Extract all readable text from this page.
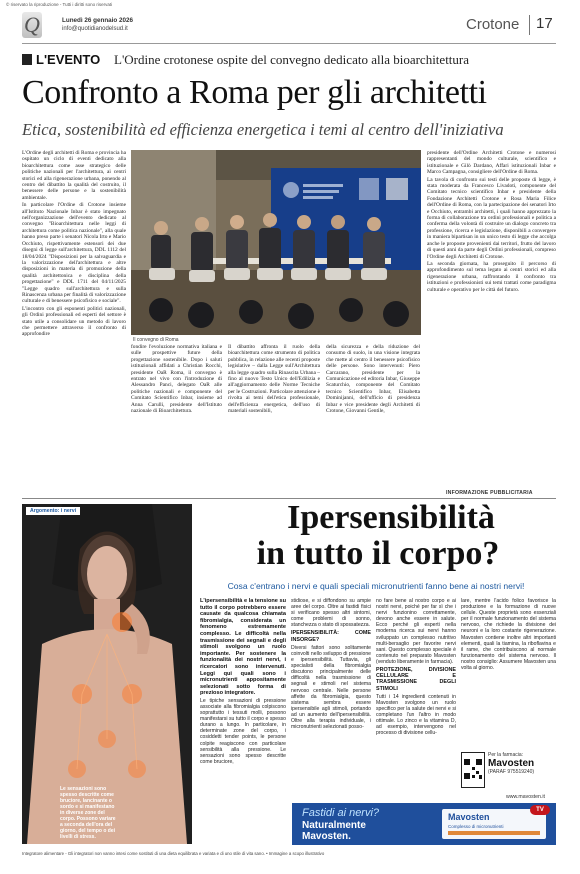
© riservato la riproduzione - Tutti i diritti sono riservati
Q	Lunedì 26 gennaio 2026
info@quotidianodelsud.it	Crotone 17
L'EVENTO L'Ordine crotonese ospite del convegno dedicato alla bioarchitettura
Confronto a Roma per gli architetti
Etica, sostenibilità ed efficienza energetica i temi al centro dell'iniziativa

L'Ordine degli architetti di Roma e provincia ha ospitato un ciclo di eventi dedicato alla bioarchitettura come asse strategico delle politiche nazionali per l'architettura, ai centri storici ed alla rigenerazione urbana, ponendo al centro del dibattito la qualità del costruito, il benessere delle persone e la sostenibilità ambientale.

In particolare l'Ordine di Crotone insieme all'Istituto Nazionale Inbar è stato impegnato nell'organizzazione dell'evento dedicato al convegno "Bioarchitettura nelle leggi di architettura come politica nazionale", alla quale hanno preso parte i senatori Nicola Irto e Mario Occhiuto, rispettivamente estensori dei due disegni di legge sull'architettura, DDL 1112 del 18/04/2024 "Disposizioni per la salvaguardia e la valorizzazione dell'architettura e altre disposizioni in materia di promozione della qualità architettonica e disciplina della progettazione" e DDL 1711 del 04/11/2025 "Legge quadro sull'architettura e sulla Rinascenza urbana per finalità di valorizzazione culturale e di benessere psicofisico e sociale".

L'incontro con gli esponenti politici nazionali, gli Ordini professionali ed esperti del settore è stato utile a consolidare un metodo di lavoro che permettere attraverso il confronto di approfondire

Il convegno di Roma

fondire l'evoluzione normativa italiana e sulle prospettive future della progettazione sostenibile. Dopo i saluti istituzionali affidati a Christian Rocchi, presidente OaR Roma, il convegno è entrato nel vivo con l'introduzione di Alessandro Panci, delegato OaR alle politiche nazionali e componente del Comitato Scientifico Inbar, insieme ad Anna Carulli, presidente dell'Istituto nazionale di Bioarchitettura.

Il dibattito affronta il ruolo della bioarchitettura come strumento di politica pubblica, in relazione alle recenti proposte legislative – dalla Legge sull'Architettura alla legge quadro sulla Rinascita Urbana – fino al nuovo Testo Unico dell'Edilizia e all'aggiornamento delle Norme Tecniche per le Costruzioni. Particolare attenzione è rivolta ai temi dell'etica professionale, dell'efficienza energetica, dell'uso di materiali sostenibili,

della sicurezza e della riduzione del consumo di suolo, in una visione integrata che mette al centro il benessere psicofisico delle persone. Sono intervenuti: Piero Carcarano, presidente per la Comunicazione ed editoria Inbar, Giuseppe Scaturchio, componente del Comitato tecnico Scientifico Inbar, Elisabetta Dominijanni, dell'ufficio di presidenza Inbar e vice presidente degli Architetti di Crotone, Giovanni Gentile,

presidente dell'Ordine Architetti Crotone e numerosi rappresentanti del mondo culturale, scientifico e istituzionale e Gilò Dardano, Affari istituzionali Inbar e Marco Campagna, consigliere dell'Ordine di Roma.

La tavola di confronto sui testi delle proposte di legge, è stata moderata da Francesco Livadoti, componente del Comitato tecnico scientifico Inbar e presidente della Fondazione Architetti Crotone e Rosa Maria Filice dell'Ordine di Roma, con la partecipazione dei senatori Irto e Occhiuto, entrambi architetti, i quali hanno apprezzato la forma di collaborazione tra ordini professionali e politica a conferma della volontà di costruire un dialogo concreto tra professione, ricerca e legislazione, disponibili a convergere in maniera bipartisan in un unico testo di legge che accolga anche le proposte provenienti dai territori, frutto del lavoro di questi anni da parte degli Ordini professionali, compreso l'Ordine degli Architetti di Crotone.

La seconda giornata, ha proseguito il percorso di approfondimento sul tema legato ai centri storici ed alla rigenerazione urbana, raffrontando il confronto tra istituzioni e professionisti sui temi trattati come paradigma culturale e operativo per le città del futuro.

INFORMAZIONE PUBBLICITARIA
Argomento: i nervi
Le sensazioni sono spesso descritte come bruciore, lancinante o sordo e si manifestano in diverse zone del corpo. Possono variare a seconda dell'ora del giorno, del tempo o dei livelli di stress.
Ipersensibilità
in tutto il corpo?
Cosa c'entrano i nervi e quali speciali micronutrienti fanno bene ai nostri nervi!

L'ipersensibilità e la tensione su tutto il corpo potrebbero essere causate da qualcosa chiamata fibromialgia, considerata un fenomeno estremamente complesso. Le difficoltà nella trasmissione dei segnali e degli stimoli svolgono un ruolo importante. Per sostenere la funzionalità dei nostri nervi, i ricercatori sono intervenuti. Leggi qui quali sono i micronutrienti appositamente selezionati sotto forma di prezioso integratore.

Le tipiche sensazioni di pressione associate alla fibromialgia colpiscono soprattutto i tessuti molli, possono manifestarsi su tutto il corpo e spesso durano a lungo. In particolare, in determinate zone del corpo, i cosiddetti tender points, le persone colpite reagiscono con particolare sensibilità alla pressione. Le sensazioni sono spesso descritte come bruciore,

stidiose, e si diffondono su ampie aree del corpo. Oltre ai fastidi fisici si verificano spesso altri sintomi, come problemi di sonno, stanchezza o stato di spossatezza.

IPERSENSIBILITÀ: COME INSORGE?

Diversi fattori sono solitamente coinvolti nello sviluppo di pressione e ipersensibilità. Tuttavia, gli specialisti della fibromialgia discutono principalmente delle difficoltà nella trasmissione di segnali e stimoli nel sistema nervoso centrale. Nelle persone affette da fibromialgia, questo sistema sembra essere ipersensibile agli stimoli, portando ad un aumento dell'ipersensibilità. Oltre alla terapia individuale, i micronutrienti selezionati posso-

no fare bene al nostro corpo e ai nostri nervi, poiché per far sì che i nervi funzionino correttamente, devono anche essere in salute. Ecco perché gli esperti nella moderna ricerca sui nervi hanno sviluppato un complesso nutritivo multi-bersaglio per favorire nervi sani. Questo complesso speciale è contenuto nel preparato Mavosten (venduto liberamente in farmacia).

PROTEZIONE, DIVISIONE CELLULARE E TRASMISSIONE DEGLI STIMOLI

Tutti i 14 ingredienti contenuti in Mavosten svolgono un ruolo specifico per la salute dei nervi e si completano l'un l'altro in modo ottimale. Lo zinco e la vitamina D, ad esempio, intervengono nel processo di divisione cellu-

lare, mentre l'acido folico favorisce la produzione e la formazione di nuove cellule. Queste proprietà sono essenziali per il normale funzionamento del sistema nervoso, che richiede la divisione dei neuroni e la loro costante rigenerazione. Mavosten contiene inoltre altri importanti elementi, quali la tiamina, la riboflavina e il rame, che contribuiscono al normale funzionamento del sistema nervoso. Il nostro consiglio: Assumere Mavosten una volta al giorno.

Per la farmacia:
Mavosten
(PARAF 975519240)
www.mavosten.it
Fastidi ai nervi?
Naturalmente
Mavosten.
Mavosten
Complesso di micronutrienti
TV
Integratore alimentare - Gli integratori non vanno intesi come sostituti di una dieta equilibrata e variata e di uno stile di vita sano. • Immagine a scopo illustrativo
